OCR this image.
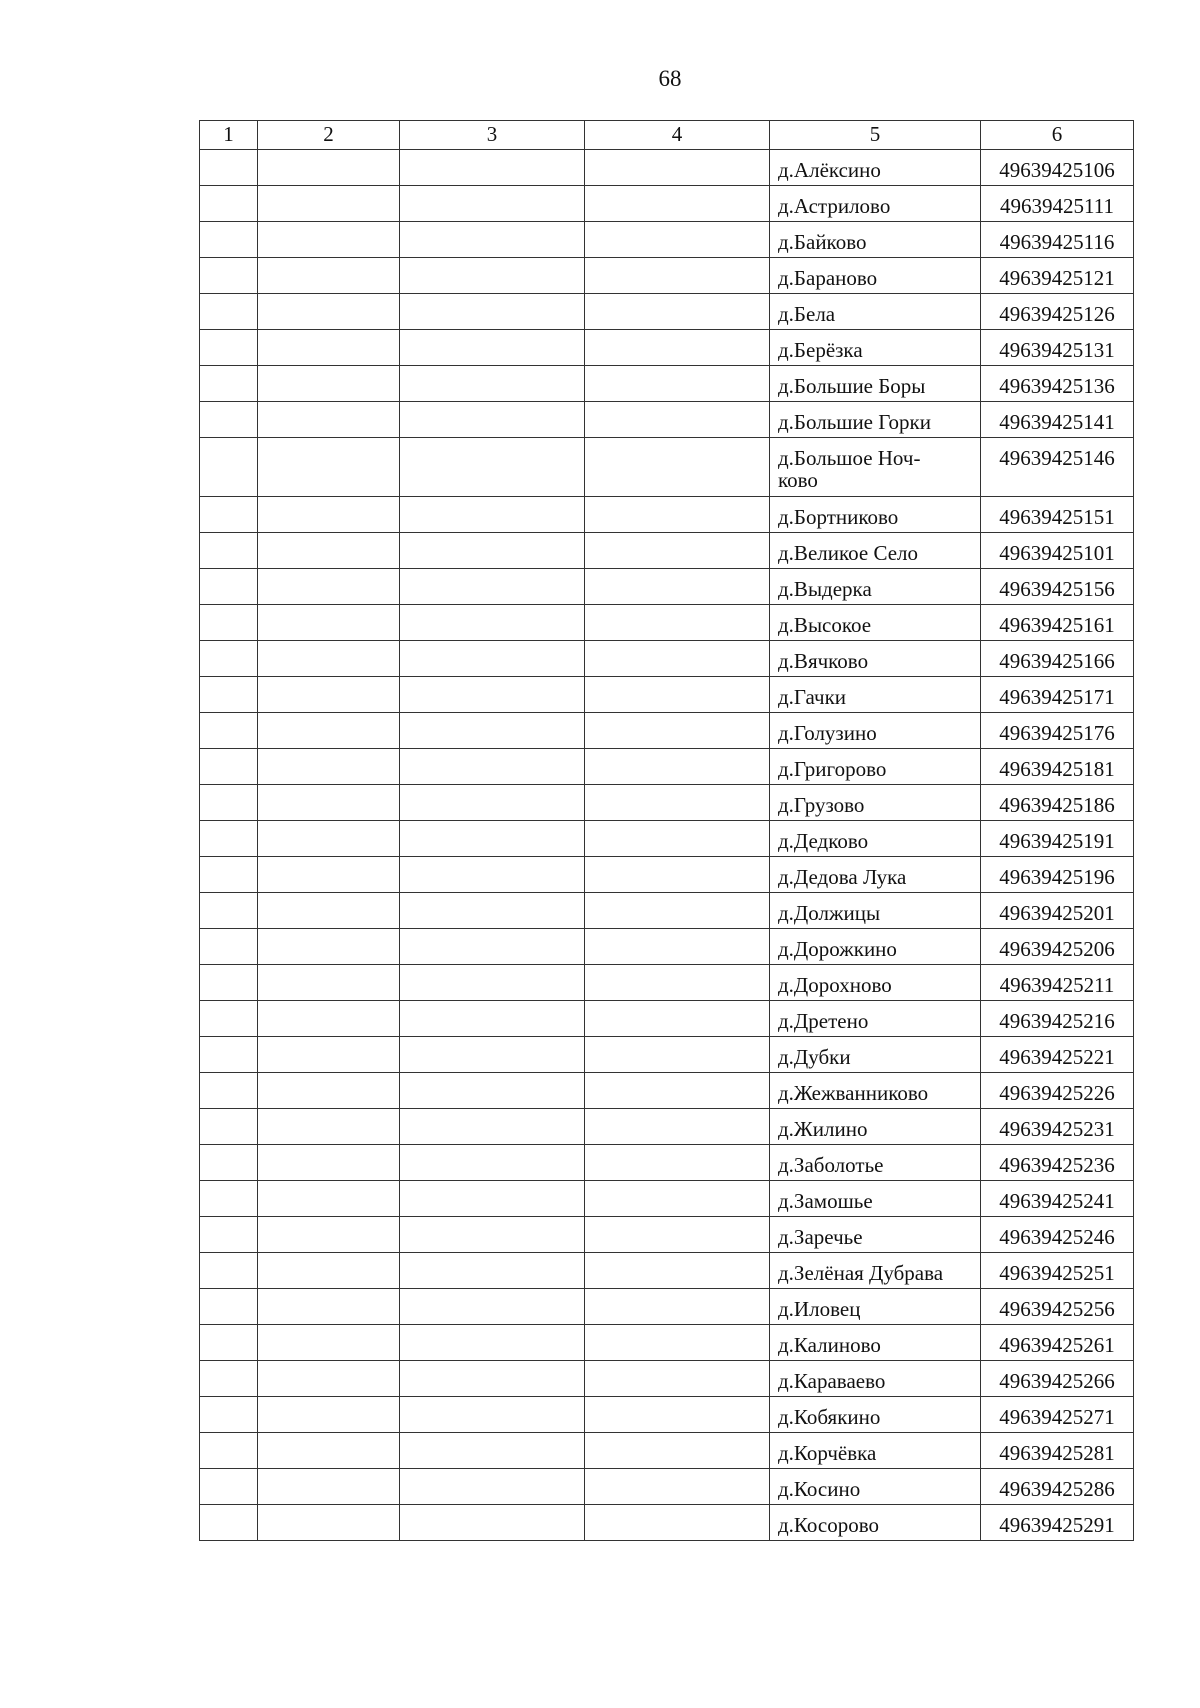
68
1	2	3	4	5	6
				д.Алёксино	49639425106
				д.Астрилово	49639425111
				д.Байково	49639425116
				д.Бараново	49639425121
				д.Бела	49639425126
				д.Берёзка	49639425131
				д.Большие Боры	49639425136
				д.Большие Горки	49639425141
				д.Большое Ноч-
ково	49639425146
				д.Бортниково	49639425151
				д.Великое Село	49639425101
				д.Выдерка	49639425156
				д.Высокое	49639425161
				д.Вячково	49639425166
				д.Гачки	49639425171
				д.Голузино	49639425176
				д.Григорово	49639425181
				д.Грузово	49639425186
				д.Дедково	49639425191
				д.Дедова Лука	49639425196
				д.Должицы	49639425201
				д.Дорожкино	49639425206
				д.Дорохново	49639425211
				д.Дретено	49639425216
				д.Дубки	49639425221
				д.Жежванниково	49639425226
				д.Жилино	49639425231
				д.Заболотье	49639425236
				д.Замошье	49639425241
				д.Заречье	49639425246
				д.Зелёная Дубрава	49639425251
				д.Иловец	49639425256
				д.Калиново	49639425261
				д.Караваево	49639425266
				д.Кобякино	49639425271
				д.Корчёвка	49639425281
				д.Косино	49639425286
				д.Косорово	49639425291
